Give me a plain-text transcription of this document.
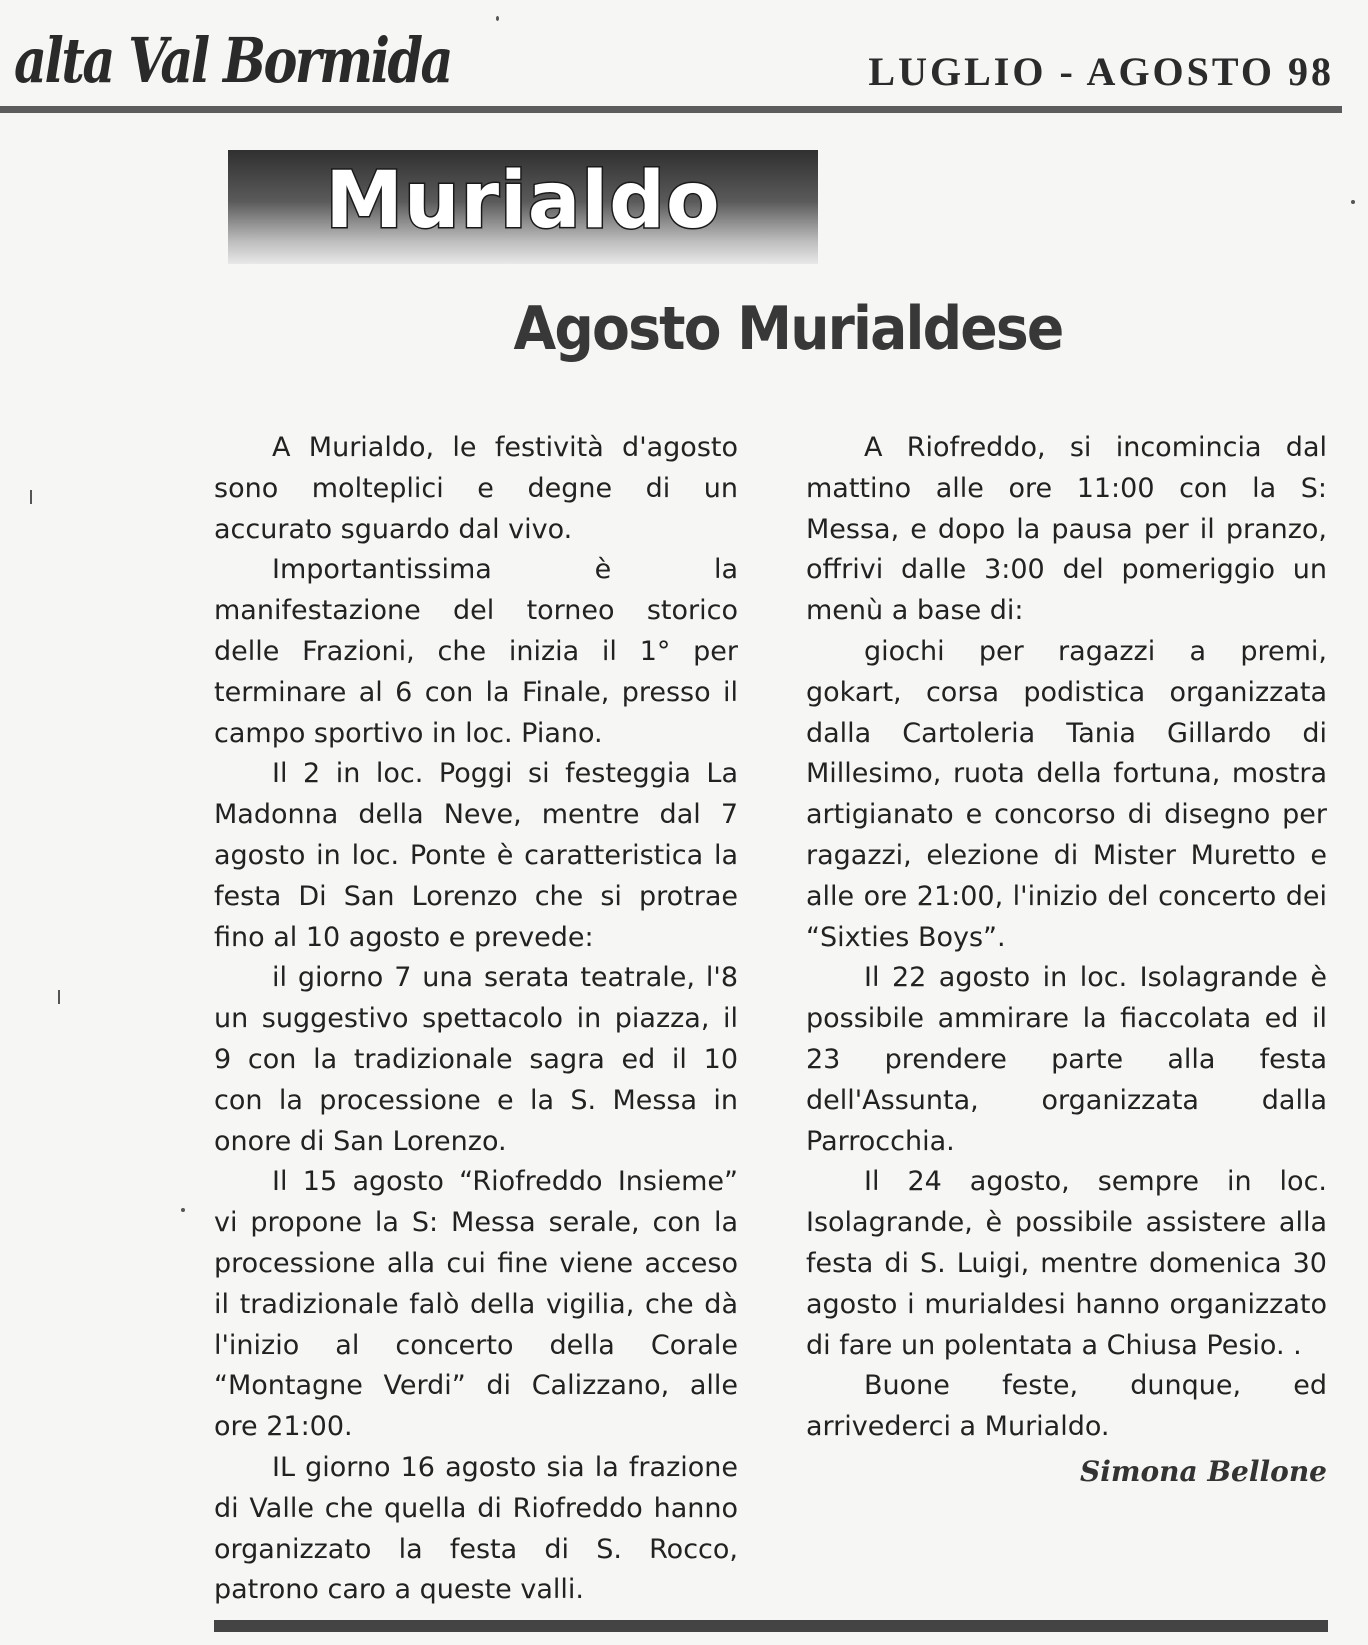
alta Val Bormida	LUGLIO - AGOSTO 98
Murialdo
Agosto Murialdese

A Murialdo, le festività d'agosto sono molteplici e degne di un accurato sguardo dal vivo.

Importantissima è la manifestazione del torneo storico delle Frazioni, che inizia il 1° per terminare al 6 con la Finale, presso il campo sportivo in loc. Piano.

Il 2 in loc. Poggi si festeggia La Madonna della Neve, mentre dal 7 agosto in loc. Ponte è caratteristica la festa Di San Lorenzo che si protrae fino al 10 agosto e prevede:

il giorno 7 una serata teatrale, l'8 un suggestivo spettacolo in piazza, il 9 con la tradizionale sagra ed il 10 con la processione e la S. Messa in onore di San Lorenzo.

Il 15 agosto “Riofreddo Insieme” vi propone la S: Messa serale, con la processione alla cui fine viene acceso il tradizionale falò della vigilia, che dà l'inizio al concerto della Corale “Montagne Verdi” di Calizzano, alle ore 21:00.

IL giorno 16 agosto sia la frazione di Valle che quella di Riofreddo hanno organizzato la festa di S. Rocco, patrono caro a queste valli.

A Riofreddo, si incomincia dal mattino alle ore 11:00 con la S: Messa, e dopo la pausa per il pranzo, offrivi dalle 3:00 del pomeriggio un menù a base di:

giochi per ragazzi a premi, gokart, corsa podistica organizzata dalla Cartoleria Tania Gillardo di Millesimo, ruota della fortuna, mostra artigianato e concorso di disegno per ragazzi, elezione di Mister Muretto e alle ore 21:00, l'inizio del concerto dei “Sixties Boys”.

Il 22 agosto in loc. Isolagrande è possibile ammirare la fiaccolata ed il 23 prendere parte alla festa dell'Assunta, organizzata dalla Parrocchia.

Il 24 agosto, sempre in loc. Isolagrande, è possibile assistere alla festa di S. Luigi, mentre domenica 30 agosto i murialdesi hanno organizzato di fare un polentata a Chiusa Pesio. .

Buone feste, dunque, ed arrivederci a Murialdo.

Simona Bellone
